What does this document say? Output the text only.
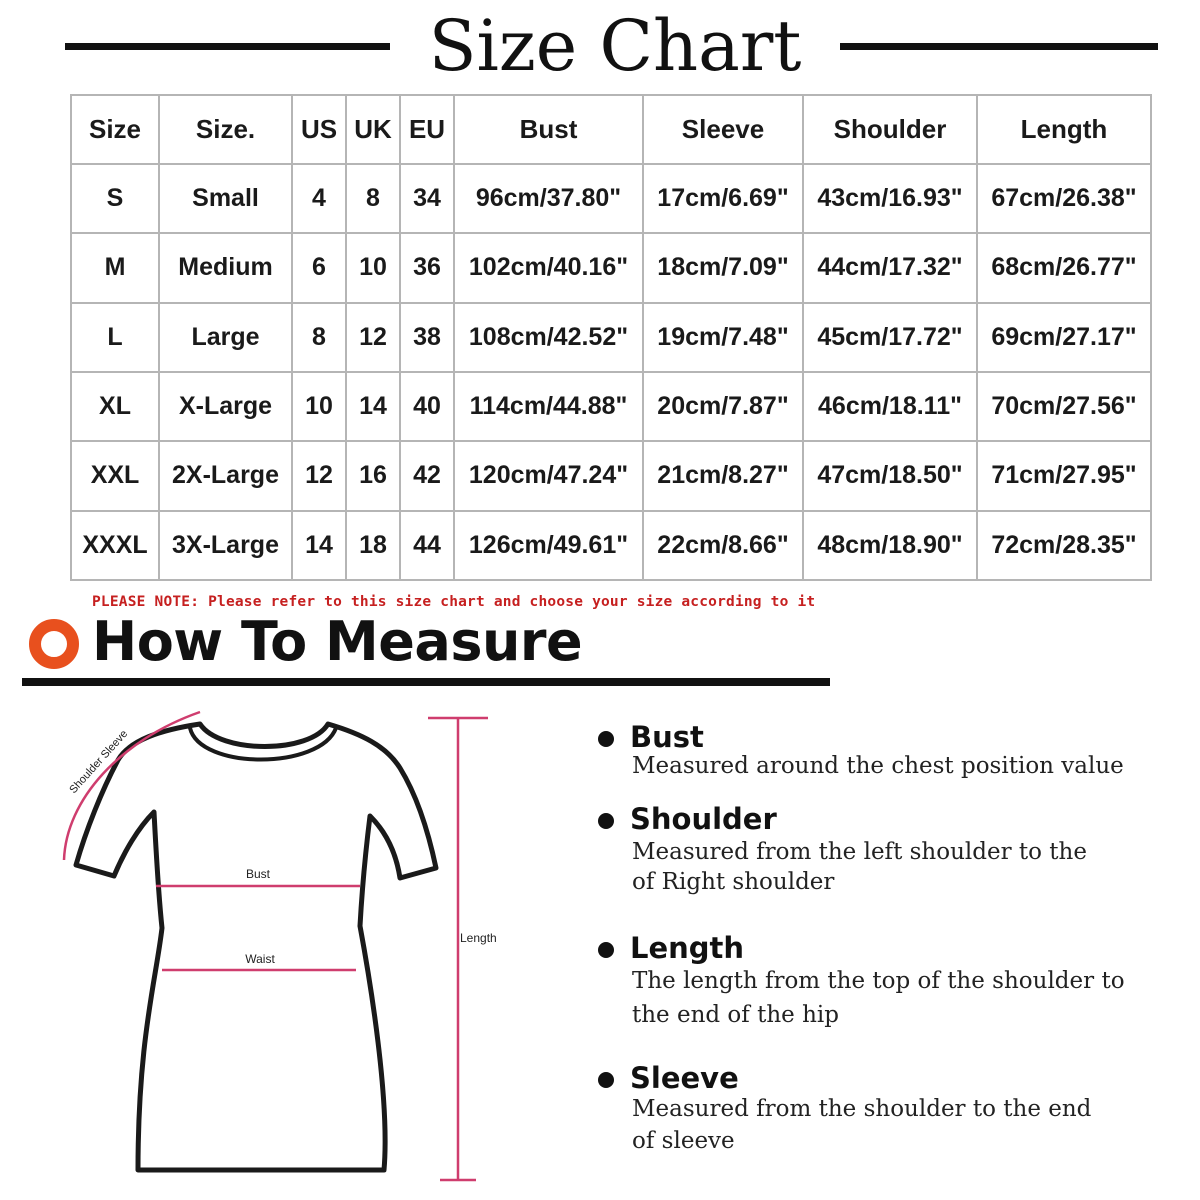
Size Chart
Size	Size.	US	UK	EU	Bust	Sleeve	Shoulder	Length
S	Small	4	8	34	96cm/37.80"	17cm/6.69"	43cm/16.93"	67cm/26.38"
M	Medium	6	10	36	102cm/40.16"	18cm/7.09"	44cm/17.32"	68cm/26.77"
L	Large	8	12	38	108cm/42.52"	19cm/7.48"	45cm/17.72"	69cm/27.17"
XL	X-Large	10	14	40	114cm/44.88"	20cm/7.87"	46cm/18.11"	70cm/27.56"
XXL	2X-Large	12	16	42	120cm/47.24"	21cm/8.27"	47cm/18.50"	71cm/27.95"
XXXL	3X-Large	14	18	44	126cm/49.61"	22cm/8.66"	48cm/18.90"	72cm/28.35"
PLEASE NOTE: Please refer to this size chart and choose your size according to it
How To Measure
Bust
Waist
Length
Shoulder Sleeve	Bust
Measured around the chest position value
Shoulder
Measured from the left shoulder to the
of Right shoulder
Length
The length from the top of the shoulder to
the end of the hip
Sleeve
Measured from the shoulder to the end
of sleeve
